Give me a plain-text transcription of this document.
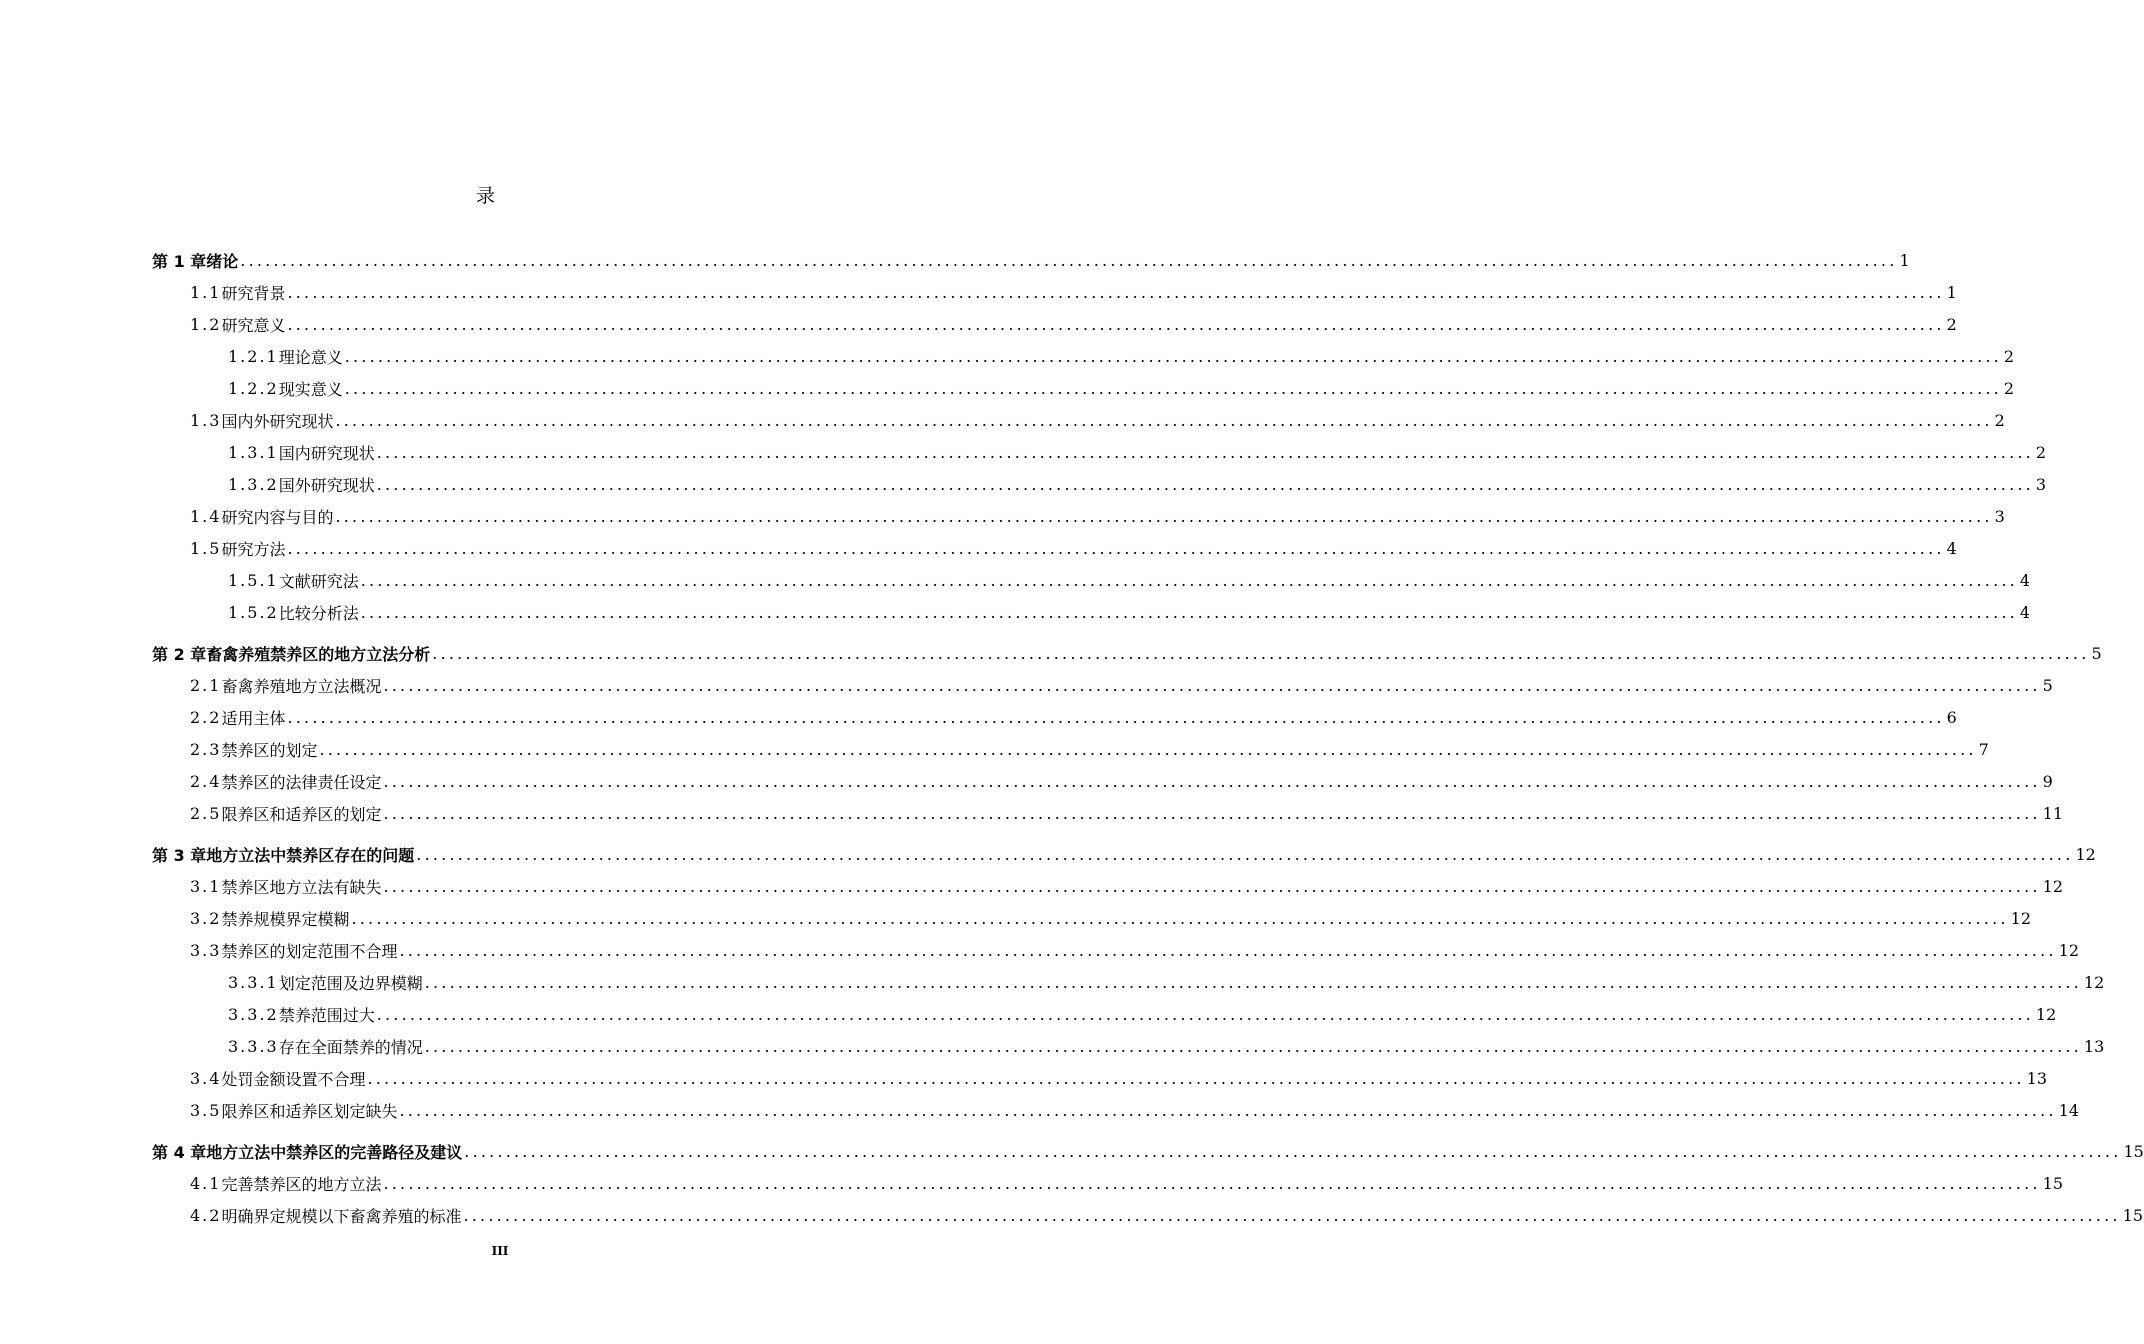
录
第 1 章 绪论 ........................................................................................................................................................................................................ 1
1.1 研究背景 ........................................................................................................................................................................................................ 1
1.2 研究意义 ........................................................................................................................................................................................................ 2
1.2.1 理论意义 ........................................................................................................................................................................................................ 2
1.2.2 现实意义 ........................................................................................................................................................................................................ 2
1.3 国内外研究现状 ........................................................................................................................................................................................................ 2
1.3.1 国内研究现状 ........................................................................................................................................................................................................ 2
1.3.2 国外研究现状 ........................................................................................................................................................................................................ 3
1.4 研究内容与目的 ........................................................................................................................................................................................................ 3
1.5 研究方法 ........................................................................................................................................................................................................ 4
1.5.1 文献研究法 ........................................................................................................................................................................................................ 4
1.5.2 比较分析法 ........................................................................................................................................................................................................ 4
第 2 章 畜禽养殖禁养区的地方立法分析 ........................................................................................................................................................................................................ 5
2.1 畜禽养殖地方立法概况 ........................................................................................................................................................................................................ 5
2.2 适用主体 ........................................................................................................................................................................................................ 6
2.3 禁养区的划定 ........................................................................................................................................................................................................ 7
2.4 禁养区的法律责任设定 ........................................................................................................................................................................................................ 9
2.5 限养区和适养区的划定 ........................................................................................................................................................................................................ 11
第 3 章 地方立法中禁养区存在的问题 ........................................................................................................................................................................................................ 12
3.1 禁养区地方立法有缺失 ........................................................................................................................................................................................................ 12
3.2 禁养规模界定模糊 ........................................................................................................................................................................................................ 12
3.3 禁养区的划定范围不合理 ........................................................................................................................................................................................................ 12
3.3.1 划定范围及边界模糊 ........................................................................................................................................................................................................ 12
3.3.2 禁养范围过大 ........................................................................................................................................................................................................ 12
3.3.3 存在全面禁养的情况 ........................................................................................................................................................................................................ 13
3.4 处罚金额设置不合理 ........................................................................................................................................................................................................ 13
3.5 限养区和适养区划定缺失 ........................................................................................................................................................................................................ 14
第 4 章 地方立法中禁养区的完善路径及建议 ........................................................................................................................................................................................................ 15
4.1 完善禁养区的地方立法 ........................................................................................................................................................................................................ 15
4.2 明确界定规模以下畜禽养殖的标准 ........................................................................................................................................................................................................ 15
III
